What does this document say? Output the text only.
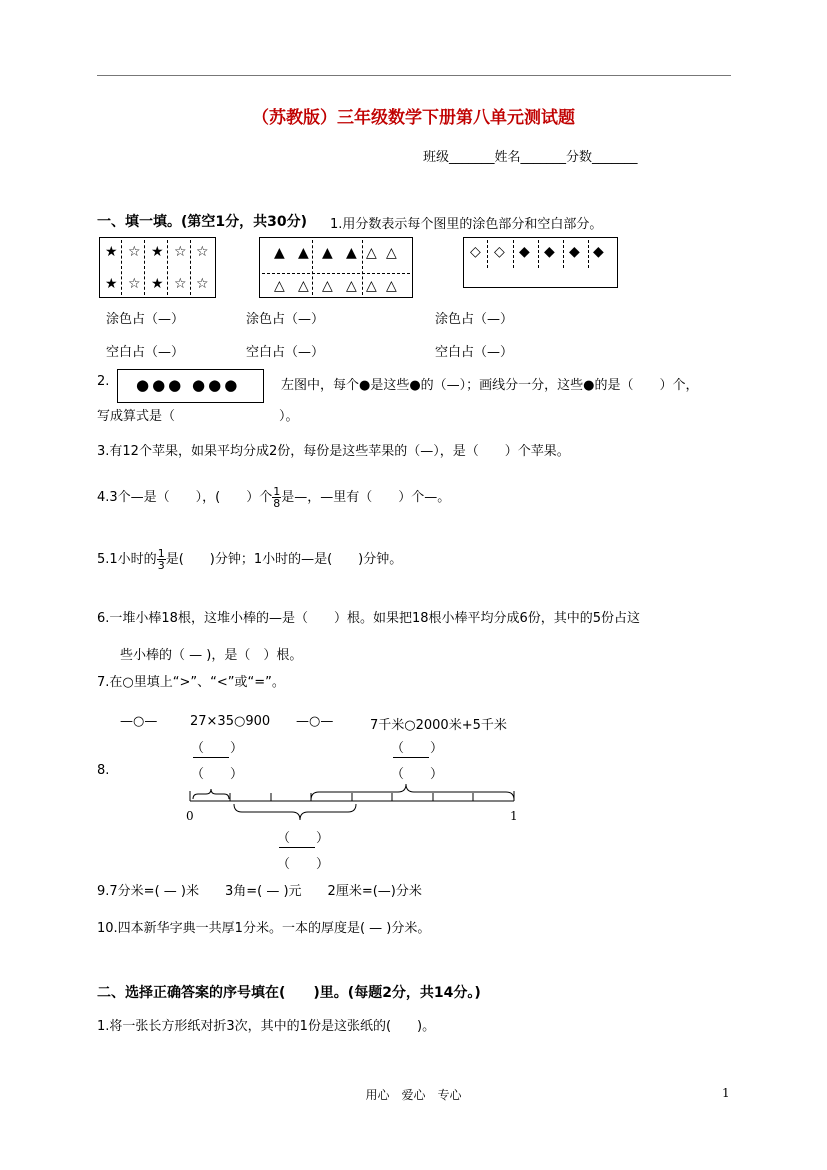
（苏教版）三年级数学下册第八单元测试题
班级_______姓名_______分数_______
一、填一填。(第空1分，共30分) 1.用分数表示每个图里的涂色部分和空白部分。
★ ☆ ★ ☆ ☆
★ ☆ ★ ☆ ☆
▲ ▲ ▲ ▲ △ △
△ △ △ △ △ △
◇ ◇ ◆ ◆ ◆ ◆
涂色占（—）	涂色占（—）	涂色占（—）
空白占（—）	空白占（—）	空白占（—）
2. ●●● ●●●	左图中，每个●是这些●的（—）；画线分一分，这些●的是（　　）个，
写成算式是（　　　　　　　　）。
3.有12个苹果，如果平均分成2份，每份是这些苹果的（—），是（　　）个苹果。
4.3个—是（　　），(　　）个 $\frac{1}{8}$ 是—，—里有（　　）个—。
5.1小时的 $\frac{1}{3}$ 是(　　)分钟；1小时的—是(　　)分钟。
6.一堆小棒18根，这堆小棒的—是（　　）根。如果把18根小棒平均分成6份，其中的5份占这
些小棒的（ — )，是（　）根。
7.在○里填上“>”、“<”或“=”。
—○—	27×35○900 —○—	7千米○2000米+5千米
8.
（　　）
（　　）
（　　）
（　　）
0	1
（　　）
（　　）
9.7分米=( — )米　　3角=( — )元　　2厘米=(—)分米
10.四本新华字典一共厚1分米。一本的厚度是( — )分米。
二、选择正确答案的序号填在(　　)里。(每题2分，共14分。)
1.将一张长方形纸对折3次，其中的1份是这张纸的(　　)。
用心　爱心　专心	1
